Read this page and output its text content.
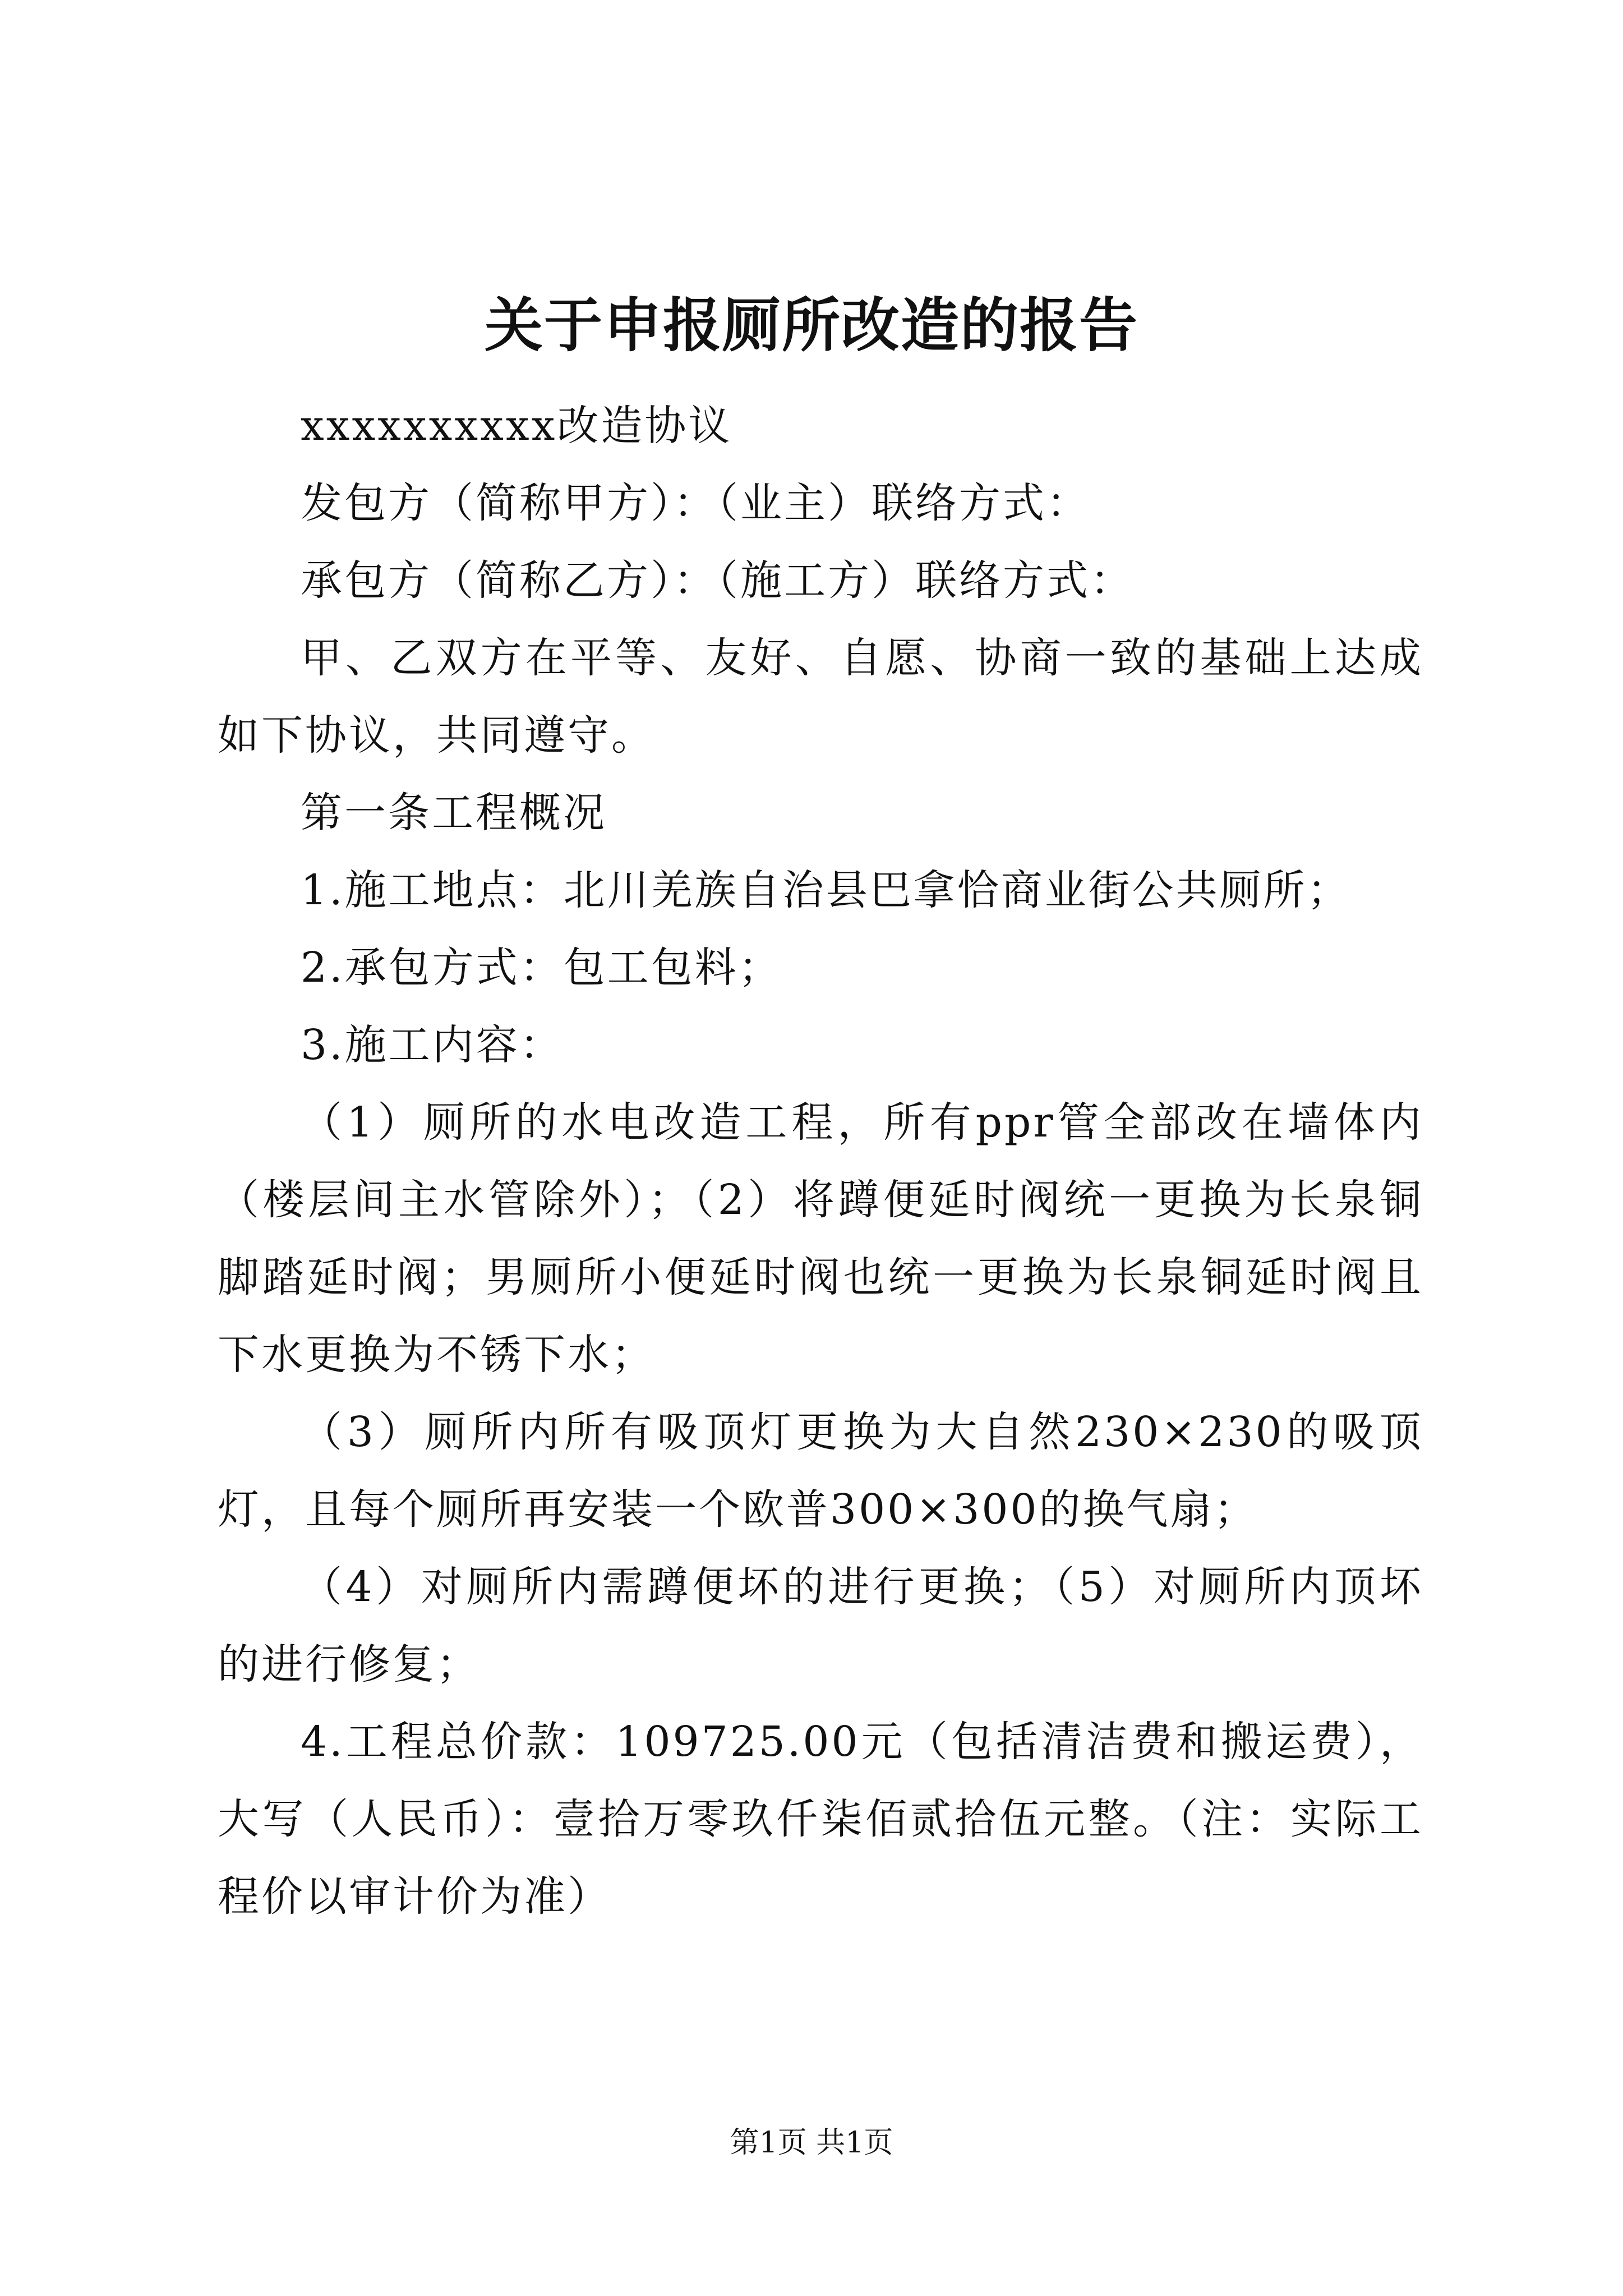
关于申报厕所改造的报告

xxxxxxxxxx改造协议

发包方（简称甲方）：（业主）联络方式：

承包方（简称乙方）：（施工方）联络方式：

甲、乙双方在平等、友好、自愿、协商一致的基础上达成如下协议，共同遵守。

第一条工程概况

1.施工地点：北川羌族自治县巴拿恰商业街公共厕所；

2.承包方式：包工包料；

3.施工内容：

（1）厕所的水电改造工程，所有ppr管全部改在墙体内（楼层间主水管除外）；（2）将蹲便延时阀统一更换为长泉铜脚踏延时阀；男厕所小便延时阀也统一更换为长泉铜延时阀且下水更换为不锈下水；

（3）厕所内所有吸顶灯更换为大自然230×230的吸顶灯，且每个厕所再安装一个欧普300×300的换气扇；

（4）对厕所内需蹲便坏的进行更换；（5）对厕所内顶坏的进行修复；

4.工程总价款：109725.00元（包括清洁费和搬运费），大写（人民币）：壹拾万零玖仟柒佰贰拾伍元整。（注：实际工程价以审计价为准）

第1页 共1页
